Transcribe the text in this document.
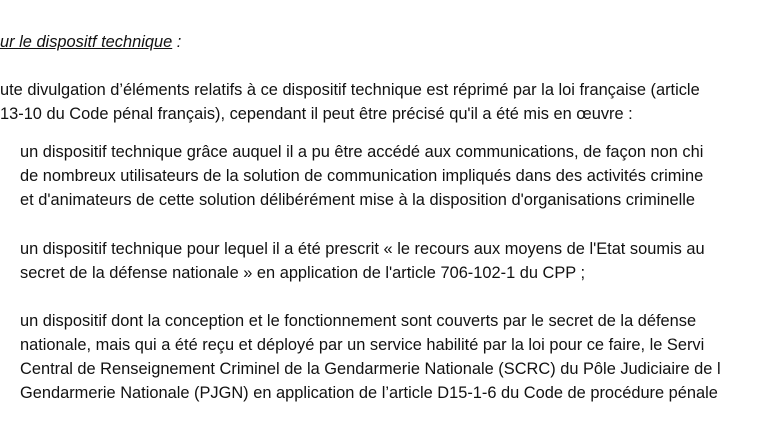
ur le dispositf technique :
ute divulgation d’éléments relatifs à ce dispositif technique est réprimé par la loi française (article
13-10 du Code pénal français), cependant il peut être précisé qu'il a été mis en œuvre :
un dispositif technique grâce auquel il a pu être accédé aux communications, de façon non chi
de nombreux utilisateurs de la solution de communication impliqués dans des activités crimine
et d'animateurs de cette solution délibérément mise à la disposition d'organisations criminelle
un dispositif technique pour lequel il a été prescrit « le recours aux moyens de l'Etat soumis au
secret de la défense nationale » en application de l'article 706-102-1 du CPP ;
un dispositif dont la conception et le fonctionnement sont couverts par le secret de la défense
nationale, mais qui a été reçu et déployé par un service habilité par la loi pour ce faire, le Servi
Central de Renseignement Criminel de la Gendarmerie Nationale (SCRC) du Pôle Judiciaire de l
Gendarmerie Nationale (PJGN) en application de l’article D15-1-6 du Code de procédure pénale
